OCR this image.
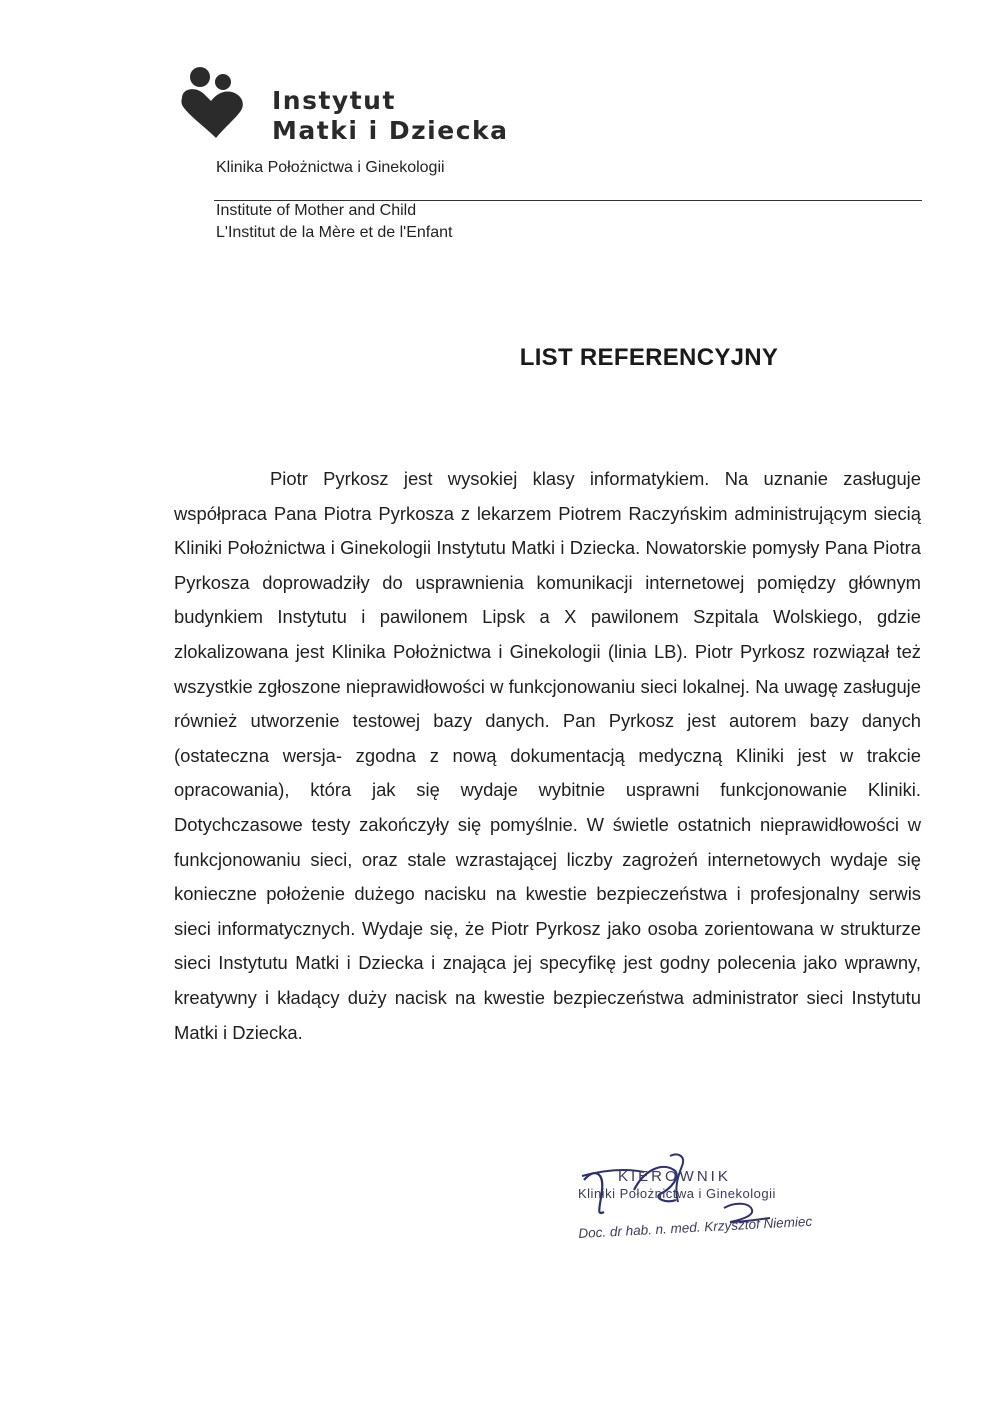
Instytut
Matki i Dziecka
Klinika Położnictwa i Ginekologii
Institute of Mother and Child
L'Institut de la Mère et de l'Enfant
LIST REFERENCYJNY

Piotr Pyrkosz jest wysokiej klasy informatykiem. Na uznanie zasługuje współpraca Pana Piotra Pyrkosza z lekarzem Piotrem Raczyńskim administrującym siecią Kliniki Położnictwa i Ginekologii Instytutu Matki i Dziecka. Nowatorskie pomysły Pana Piotra Pyrkosza doprowadziły do usprawnienia komunikacji internetowej pomiędzy głównym budynkiem Instytutu i pawilonem Lipsk a X pawilonem Szpitala Wolskiego, gdzie zlokalizowana jest Klinika Położnictwa i Ginekologii (linia LB). Piotr Pyrkosz rozwiązał też wszystkie zgłoszone nieprawidłowości w funkcjonowaniu sieci lokalnej. Na uwagę zasługuje również utworzenie testowej bazy danych. Pan Pyrkosz jest autorem bazy danych (ostateczna wersja- zgodna z nową dokumentacją medyczną Kliniki jest w trakcie opracowania), która jak się wydaje wybitnie usprawni funkcjonowanie Kliniki. Dotychczasowe testy zakończyły się pomyślnie. W świetle ostatnich nieprawidłowości w funkcjonowaniu sieci, oraz stale wzrastającej liczby zagrożeń internetowych wydaje się konieczne położenie dużego nacisku na kwestie bezpieczeństwa i profesjonalny serwis sieci informatycznych. Wydaje się, że Piotr Pyrkosz jako osoba zorientowana w strukturze sieci Instytutu Matki i Dziecka i znająca jej specyfikę jest godny polecenia jako wprawny, kreatywny i kładący duży nacisk na kwestie bezpieczeństwa administrator sieci Instytutu Matki i Dziecka.

KIEROWNIK
Kliniki Położnictwa i Ginekologii
Doc. dr hab. n. med. Krzysztof Niemiec
